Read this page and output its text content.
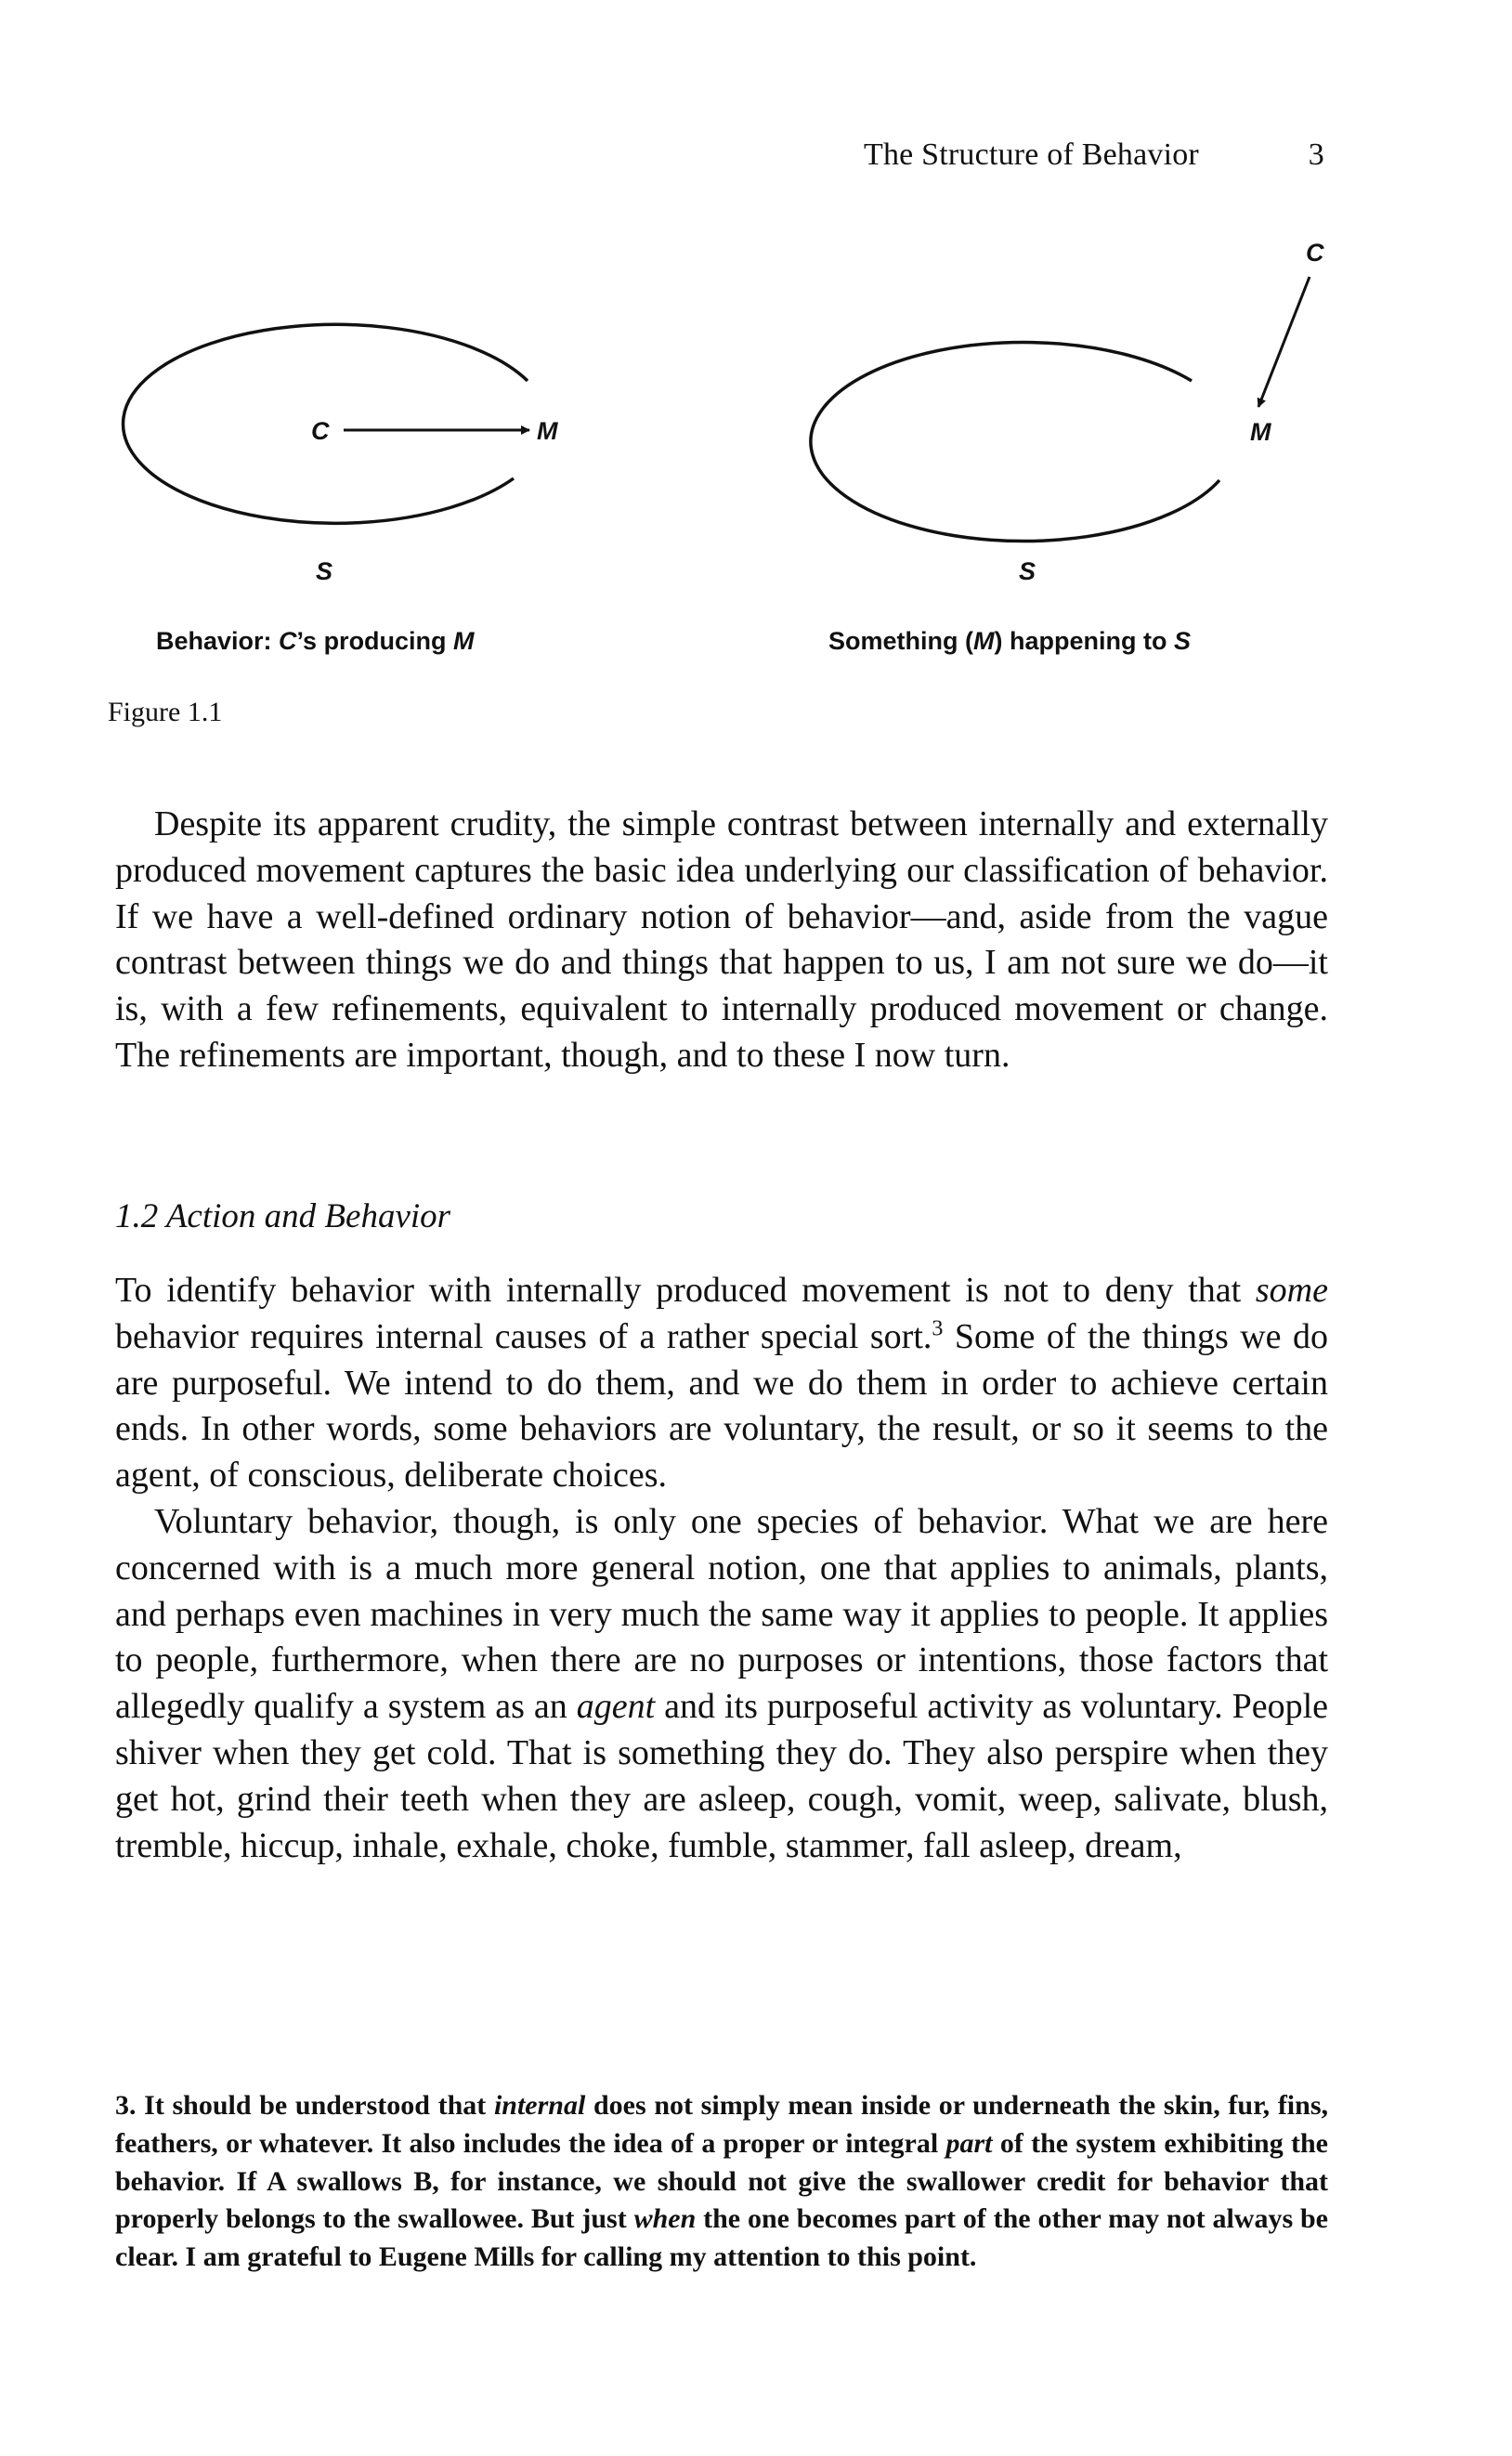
The Structure of Behavior	3
C	M
S
C
M
S
Behavior: C’s producing M	Something (M) happening to S
Figure 1.1

Despite its apparent crudity, the simple contrast between internally and externally produced movement captures the basic idea underlying our classification of behavior. If we have a well-defined ordinary notion of behavior—and, aside from the vague contrast between things we do and things that happen to us, I am not sure we do—it is, with a few refinements, equivalent to internally produced movement or change. The refinements are important, though, and to these I now turn.

1.2 Action and Behavior

To identify behavior with internally produced movement is not to deny that some behavior requires internal causes of a rather special sort.$^3$ Some of the things we do are purposeful. We intend to do them, and we do them in order to achieve certain ends. In other words, some behaviors are voluntary, the result, or so it seems to the agent, of conscious, deliberate choices.

Voluntary behavior, though, is only one species of behavior. What we are here concerned with is a much more general notion, one that applies to animals, plants, and perhaps even machines in very much the same way it applies to people. It applies to people, furthermore, when there are no purposes or intentions, those factors that allegedly qualify a system as an agent and its purposeful activity as voluntary. People shiver when they get cold. That is something they do. They also perspire when they get hot, grind their teeth when they are asleep, cough, vomit, weep, salivate, blush, tremble, hiccup, inhale, exhale, choke, fumble, stammer, fall asleep, dream,

3. It should be understood that internal does not simply mean inside or underneath the skin, fur, fins, feathers, or whatever. It also includes the idea of a proper or integral part of the system exhibiting the behavior. If A swallows B, for instance, we should not give the swallower credit for behavior that properly belongs to the swallowee. But just when the one becomes part of the other may not always be clear. I am grateful to Eugene Mills for calling my attention to this point.
